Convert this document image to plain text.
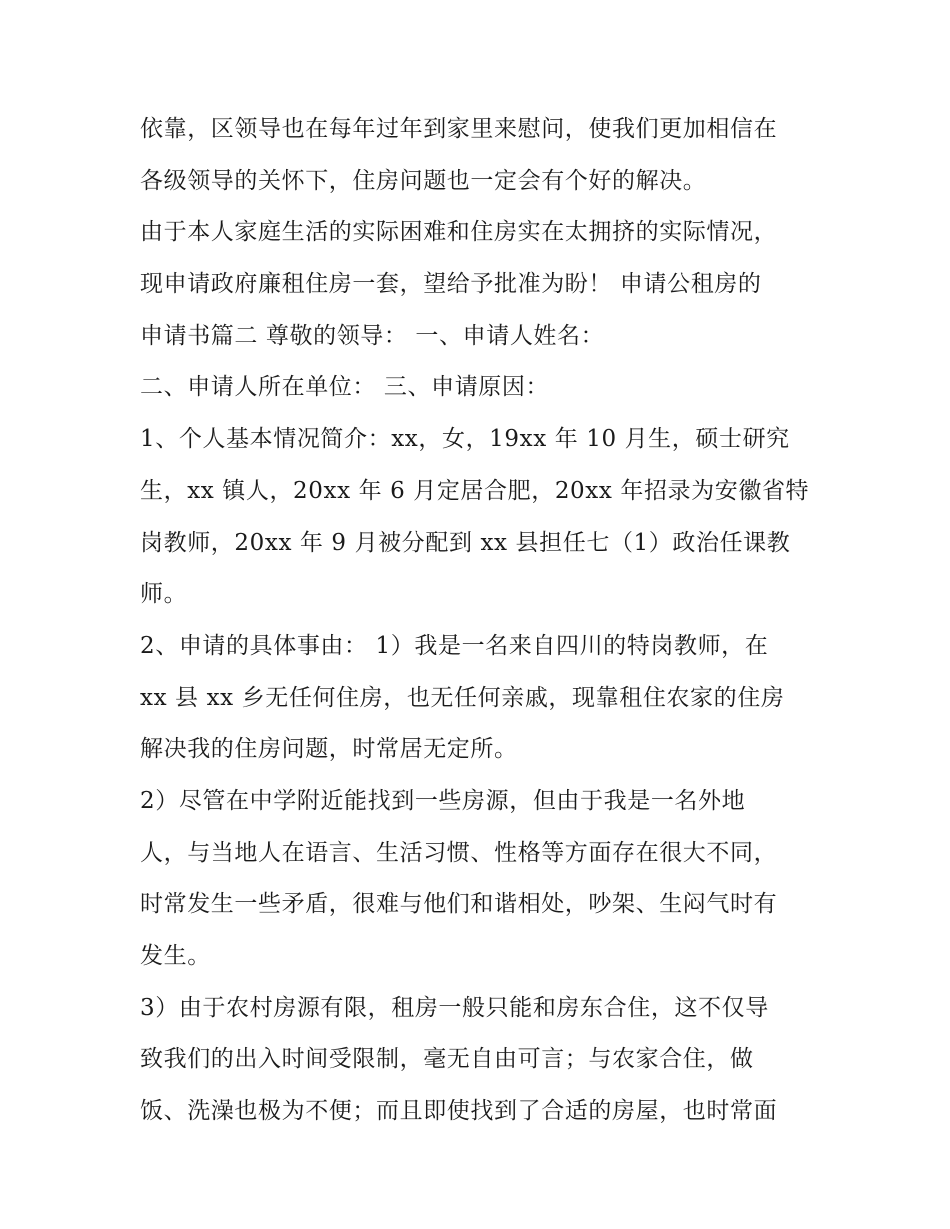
依靠，区领导也在每年过年到家里来慰问，使我们更加相信在
各级领导的关怀下，住房问题也一定会有个好的解决。
由于本人家庭生活的实际困难和住房实在太拥挤的实际情况，
现申请政府廉租住房一套，望给予批准为盼！ 申请公租房的
申请书篇二 尊敬的领导： 一、申请人姓名：
二、申请人所在单位： 三、申请原因：
1、个人基本情况简介：xx，女，19xx 年 10 月生，硕士研究
生，xx 镇人，20xx 年 6 月定居合肥，20xx 年招录为安徽省特
岗教师，20xx 年 9 月被分配到 xx 县担任七（1）政治任课教
师。
2、申请的具体事由： 1）我是一名来自四川的特岗教师，在
xx 县 xx 乡无任何住房，也无任何亲戚，现靠租住农家的住房
解决我的住房问题，时常居无定所。
2）尽管在中学附近能找到一些房源，但由于我是一名外地
人，与当地人在语言、生活习惯、性格等方面存在很大不同，
时常发生一些矛盾，很难与他们和谐相处，吵架、生闷气时有
发生。
3）由于农村房源有限，租房一般只能和房东合住，这不仅导
致我们的出入时间受限制，毫无自由可言；与农家合住，做
饭、洗澡也极为不便；而且即使找到了合适的房屋，也时常面
